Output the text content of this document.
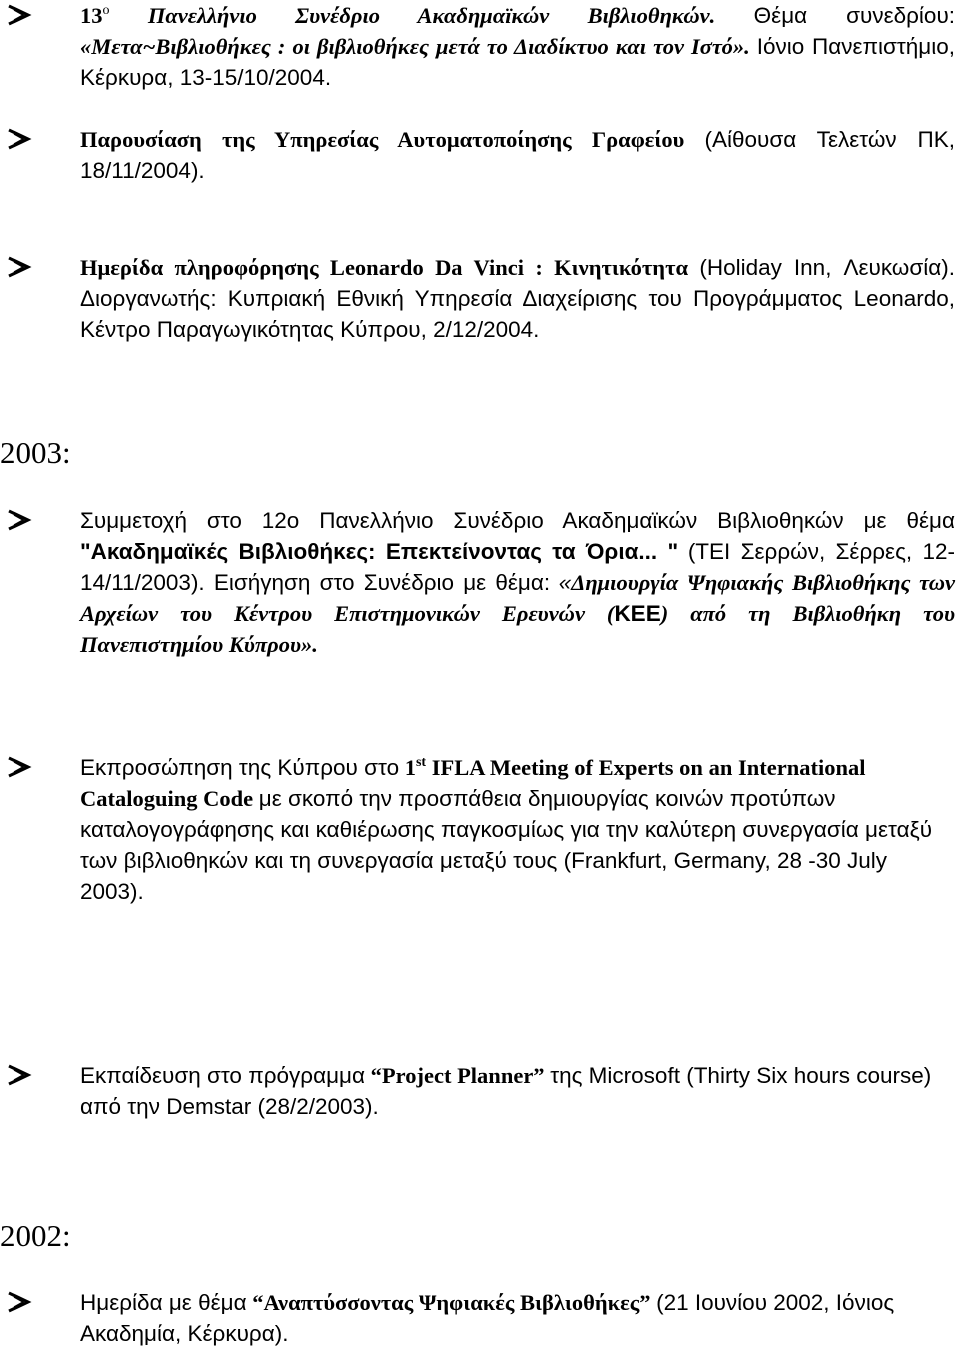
$13^o$ Πανελλήνιο Συνέδριο Ακαδημαϊκών Βιβλιοθηκών. Θέμα συνεδρίου: «Μετα~Βιβλιοθήκες : οι βιβλιοθήκες μετά το Διαδίκτυο και τον Ιστό». Ιόνιο Πανεπιστήμιο, Κέρκυρα, 13-15/10/2004.
Παρουσίαση της Υπηρεσίας Αυτοματοποίησης Γραφείου (Αίθουσα Τελετών ΠΚ, 18/11/2004).
Ημερίδα πληροφόρησης Leonardo Da Vinci : Κινητικότητα (Holiday Inn, Λευκωσία). Διοργανωτής: Κυπριακή Εθνική Υπηρεσία Διαχείρισης του Προγράμματος Leonardo, Κέντρο Παραγωγικότητας Κύπρου, 2/12/2004.
2003:
Συμμετοχή στο 12ο Πανελλήνιο Συνέδριο Ακαδημαϊκών Βιβλιοθηκών με θέμα "Ακαδημαϊκές Βιβλιοθήκες: Επεκτείνοντας τα Όρια... " (ΤΕΙ Σερρών, Σέρρες, 12-14/11/2003). Εισήγηση στο Συνέδριο με θέμα: «Δημιουργία Ψηφιακής Βιβλιοθήκης των Αρχείων του Κέντρου Επιστημονικών Ερευνών (ΚΕΕ) από τη Βιβλιοθήκη του Πανεπιστημίου Κύπρου».
Εκπροσώπηση της Κύπρου στο 1st IFLA Meeting of Experts on an International Cataloguing Code με σκοπό την προσπάθεια δημιουργίας κοινών προτύπων καταλογογράφησης και καθιέρωσης παγκοσμίως για την καλύτερη συνεργασία μεταξύ των βιβλιοθηκών και τη συνεργασία μεταξύ τους (Frankfurt, Germany, 28 -30 July 2003).
Εκπαίδευση στο πρόγραμμα “Project Planner” της Microsoft (Thirty Six hours course) από την Demstar (28/2/2003).
2002:
Ημερίδα με θέμα “Αναπτύσσοντας Ψηφιακές Βιβλιοθήκες” (21 Ιουνίου 2002, Ιόνιος Ακαδημία, Κέρκυρα).
